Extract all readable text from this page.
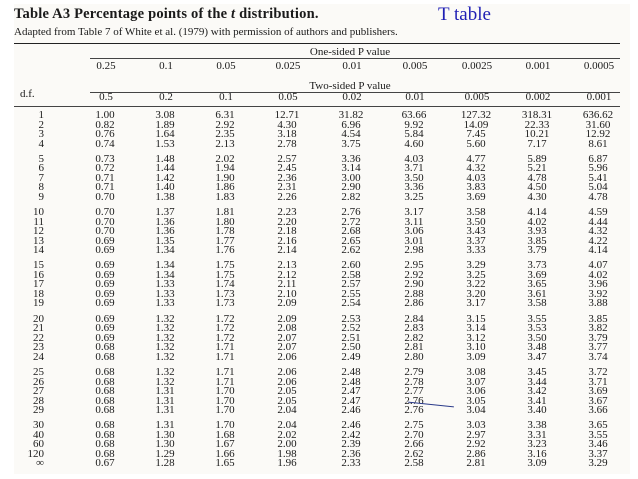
Table A3 Percentage points of the t distribution.	T table
Adapted from Table 7 of White et al. (1979) with permission of authors and publishers.
One-sided P value
0.25	0.1	0.05	0.025	0.01	0.005	0.0025	0.001	0.0005
Two-sided P value
d.f.	0.5	0.2	0.1	0.05	0.02	0.01	0.005	0.002	0.001
1	1.00	3.08	6.31	12.71	31.82	63.66	127.32	318.31	636.62
2	0.82	1.89	2.92	4.30	6.96	9.92	14.09	22.33	31.60
3	0.76	1.64	2.35	3.18	4.54	5.84	7.45	10.21	12.92
4	0.74	1.53	2.13	2.78	3.75	4.60	5.60	7.17	8.61
5	0.73	1.48	2.02	2.57	3.36	4.03	4.77	5.89	6.87
6	0.72	1.44	1.94	2.45	3.14	3.71	4.32	5.21	5.96
7	0.71	1.42	1.90	2.36	3.00	3.50	4.03	4.78	5.41
8	0.71	1.40	1.86	2.31	2.90	3.36	3.83	4.50	5.04
9	0.70	1.38	1.83	2.26	2.82	3.25	3.69	4.30	4.78
10	0.70	1.37	1.81	2.23	2.76	3.17	3.58	4.14	4.59
11	0.70	1.36	1.80	2.20	2.72	3.11	3.50	4.02	4.44
12	0.70	1.36	1.78	2.18	2.68	3.06	3.43	3.93	4.32
13	0.69	1.35	1.77	2.16	2.65	3.01	3.37	3.85	4.22
14	0.69	1.34	1.76	2.14	2.62	2.98	3.33	3.79	4.14
15	0.69	1.34	1.75	2.13	2.60	2.95	3.29	3.73	4.07
16	0.69	1.34	1.75	2.12	2.58	2.92	3.25	3.69	4.02
17	0.69	1.33	1.74	2.11	2.57	2.90	3.22	3.65	3.96
18	0.69	1.33	1.73	2.10	2.55	2.88	3.20	3.61	3.92
19	0.69	1.33	1.73	2.09	2.54	2.86	3.17	3.58	3.88
20	0.69	1.32	1.72	2.09	2.53	2.84	3.15	3.55	3.85
21	0.69	1.32	1.72	2.08	2.52	2.83	3.14	3.53	3.82
22	0.69	1.32	1.72	2.07	2.51	2.82	3.12	3.50	3.79
23	0.68	1.32	1.71	2.07	2.50	2.81	3.10	3.48	3.77
24	0.68	1.32	1.71	2.06	2.49	2.80	3.09	3.47	3.74
25	0.68	1.32	1.71	2.06	2.48	2.79	3.08	3.45	3.72
26	0.68	1.32	1.71	2.06	2.48	2.78	3.07	3.44	3.71
27	0.68	1.31	1.70	2.05	2.47	2.77	3.06	3.42	3.69
28	0.68	1.31	1.70	2.05	2.47	2.76	3.05	3.41	3.67
29	0.68	1.31	1.70	2.04	2.46	2.76	3.04	3.40	3.66
30	0.68	1.31	1.70	2.04	2.46	2.75	3.03	3.38	3.65
40	0.68	1.30	1.68	2.02	2.42	2.70	2.97	3.31	3.55
60	0.68	1.30	1.67	2.00	2.39	2.66	2.92	3.23	3.46
120	0.68	1.29	1.66	1.98	2.36	2.62	2.86	3.16	3.37
∞	0.67	1.28	1.65	1.96	2.33	2.58	2.81	3.09	3.29
